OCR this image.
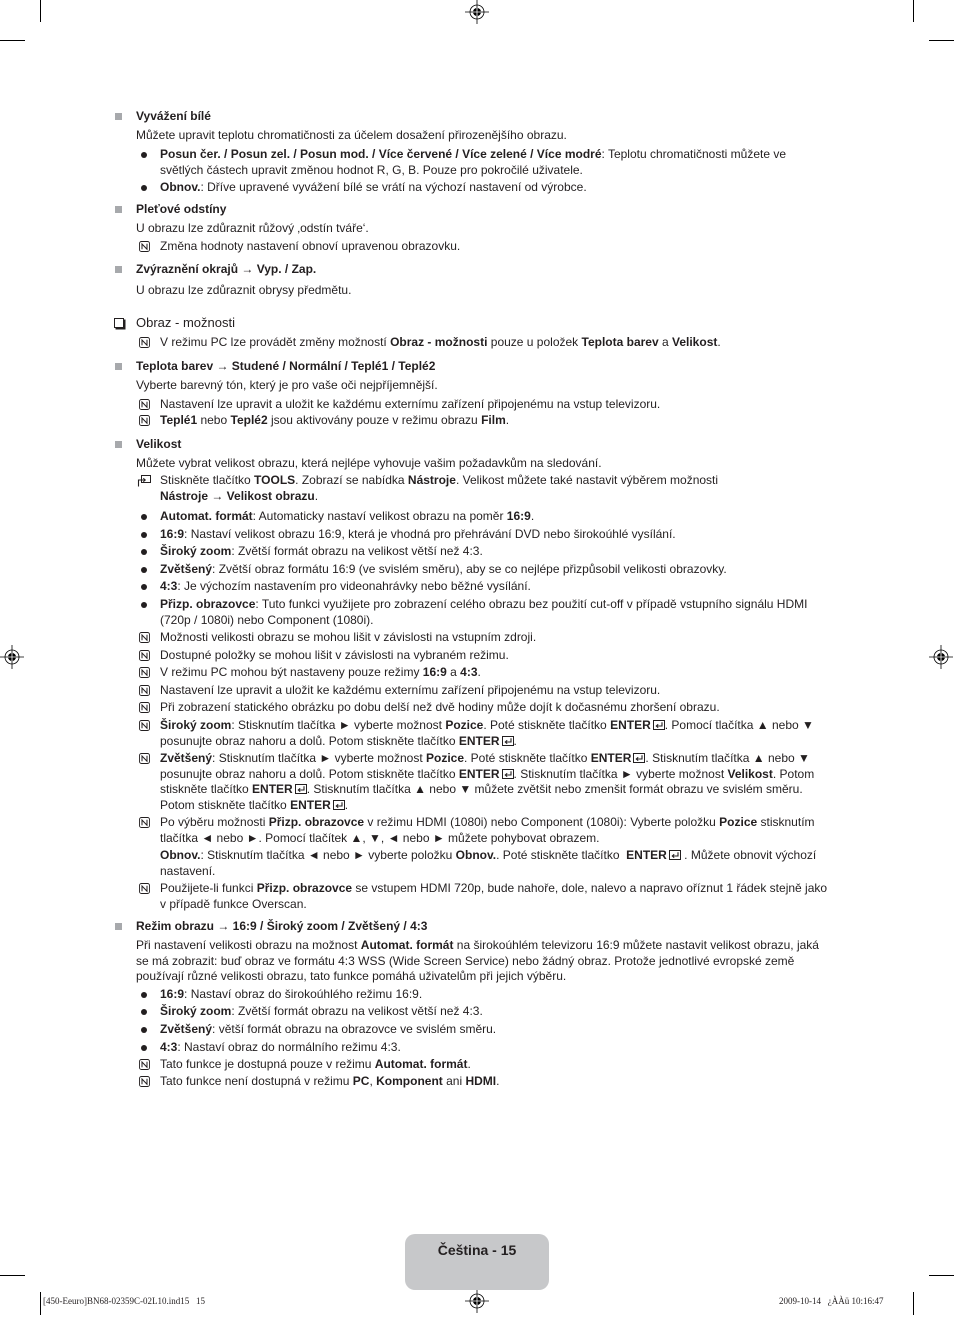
Vyvážení bílé
Můžete upravit teplotu chromatičnosti za účelem dosažení přirozenějšího obrazu.
Posun čer. / Posun zel. / Posun mod. / Více červené / Více zelené / Více modré: Teplotu chromatičnosti můžete ve
světlých částech upravit změnou hodnot R, G, B. Pouze pro pokročilé uživatele.
Obnov.: Dříve upravené vyvážení bílé se vrátí na výchozí nastavení od výrobce.
Pleťové odstíny
U obrazu lze zdůraznit růžový ‚odstín tváře‘.
Změna hodnoty nastavení obnoví upravenou obrazovku.
Zvýraznění okrajů → Vyp. / Zap.
U obrazu lze zdůraznit obrysy předmětu.
Obraz - možnosti
V režimu PC lze provádět změny možností Obraz - možnosti pouze u položek Teplota barev a Velikost.
Teplota barev → Studené / Normální / Teplé1 / Teplé2
Vyberte barevný tón, který je pro vaše oči nejpříjemnější.
Nastavení lze upravit a uložit ke každému externímu zařízení připojenému na vstup televizoru.
Teplé1 nebo Teplé2 jsou aktivovány pouze v režimu obrazu Film.
Velikost
Můžete vybrat velikost obrazu, která nejlépe vyhovuje vašim požadavkům na sledování.
Stiskněte tlačítko TOOLS. Zobrazí se nabídka Nástroje. Velikost můžete také nastavit výběrem možnosti
Nástroje → Velikost obrazu.
Automat. formát: Automaticky nastaví velikost obrazu na poměr 16:9.
16:9: Nastaví velikost obrazu 16:9, která je vhodná pro přehrávání DVD nebo širokoúhlé vysílání.
Široký zoom: Zvětší formát obrazu na velikost větší než 4:3.
Zvětšený: Zvětší obraz formátu 16:9 (ve svislém směru), aby se co nejlépe přizpůsobil velikosti obrazovky.
4:3: Je výchozím nastavením pro videonahrávky nebo běžné vysílání.
Přizp. obrazovce: Tuto funkci využijete pro zobrazení celého obrazu bez použití cut-off v případě vstupního signálu HDMI
(720p / 1080i) nebo Component (1080i).
Možnosti velikosti obrazu se mohou lišit v závislosti na vstupním zdroji.
Dostupné položky se mohou lišit v závislosti na vybraném režimu.
V režimu PC mohou být nastaveny pouze režimy 16:9 a 4:3.
Nastavení lze upravit a uložit ke každému externímu zařízení připojenému na vstup televizoru.
Při zobrazení statického obrázku po dobu delší než dvě hodiny může dojít k dočasnému zhoršení obrazu.
Široký zoom: Stisknutím tlačítka ► vyberte možnost Pozice. Poté stiskněte tlačítko ENTER . Pomocí tlačítka ▲ nebo ▼
posunujte obraz nahoru a dolů. Potom stiskněte tlačítko ENTER .
Zvětšený: Stisknutím tlačítka ► vyberte možnost Pozice. Poté stiskněte tlačítko ENTER . Stisknutím tlačítka ▲ nebo ▼
posunujte obraz nahoru a dolů. Potom stiskněte tlačítko ENTER . Stisknutím tlačítka ► vyberte možnost Velikost. Potom
stiskněte tlačítko ENTER . Stisknutím tlačítka ▲ nebo ▼ můžete zvětšit nebo zmenšit formát obrazu ve svislém směru.
Potom stiskněte tlačítko ENTER .
Po výběru možnosti Přizp. obrazovce v režimu HDMI (1080i) nebo Component (1080i): Vyberte položku Pozice stisknutím
tlačítka ◄ nebo ►. Pomocí tlačítek ▲, ▼, ◄ nebo ► můžete pohybovat obrazem.
Obnov.: Stisknutím tlačítka ◄ nebo ► vyberte položku Obnov.. Poté stiskněte tlačítko  ENTER
. Můžete obnovit výchozí
nastavení.
Použijete-li funkci Přizp. obrazovce se vstupem HDMI 720p, bude nahoře, dole, nalevo a napravo oříznut 1 řádek stejně jako
v případě funkce Overscan.
Režim obrazu → 16:9 / Široký zoom / Zvětšený / 4:3
Při nastavení velikosti obrazu na možnost Automat. formát na širokoúhlém televizoru 16:9 můžete nastavit velikost obrazu, jaká
se má zobrazit: buď obraz ve formátu 4:3 WSS (Wide Screen Service) nebo žádný obraz. Protože jednotlivé evropské země
používají různé velikosti obrazu, tato funkce pomáhá uživatelům při jejich výběru.
16:9: Nastaví obraz do širokoúhlého režimu 16:9.
Široký zoom: Zvětší formát obrazu na velikost větší než 4:3.
Zvětšený: větší formát obrazu na obrazovce ve svislém směru.
4:3: Nastaví obraz do normálního režimu 4:3.
Tato funkce je dostupná pouze v režimu Automat. formát.
Tato funkce není dostupná v režimu PC, Komponent ani HDMI.
Čeština - 15
[450-Eeuro]BN68-02359C-02L10.ind15   15	2009-10-14   ¿ÀÀü 10:16:47
